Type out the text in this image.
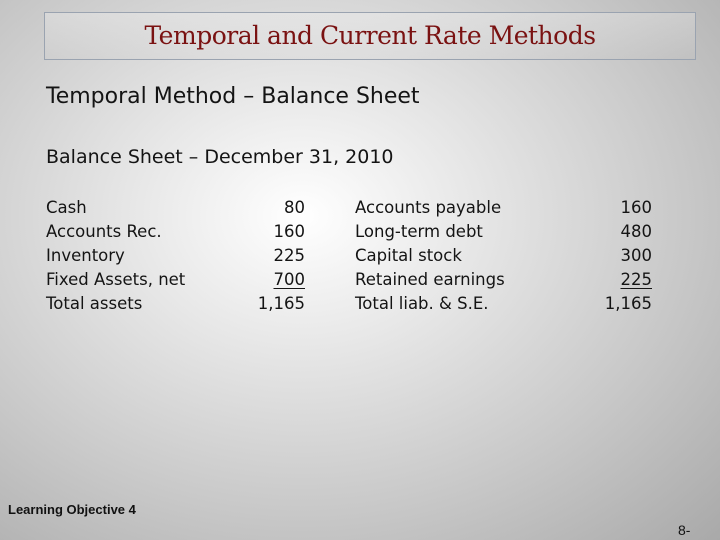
Temporal and Current Rate Methods
Temporal Method – Balance Sheet
Balance Sheet – December 31, 2010
Cash
Accounts Rec.
Inventory
Fixed Assets, net
Total assets
80
160
225
700
1,165
Accounts payable
Long-term debt
Capital stock
Retained earnings
Total liab. & S.E.
160
480
300
225
1,165
Learning Objective 4
8-
